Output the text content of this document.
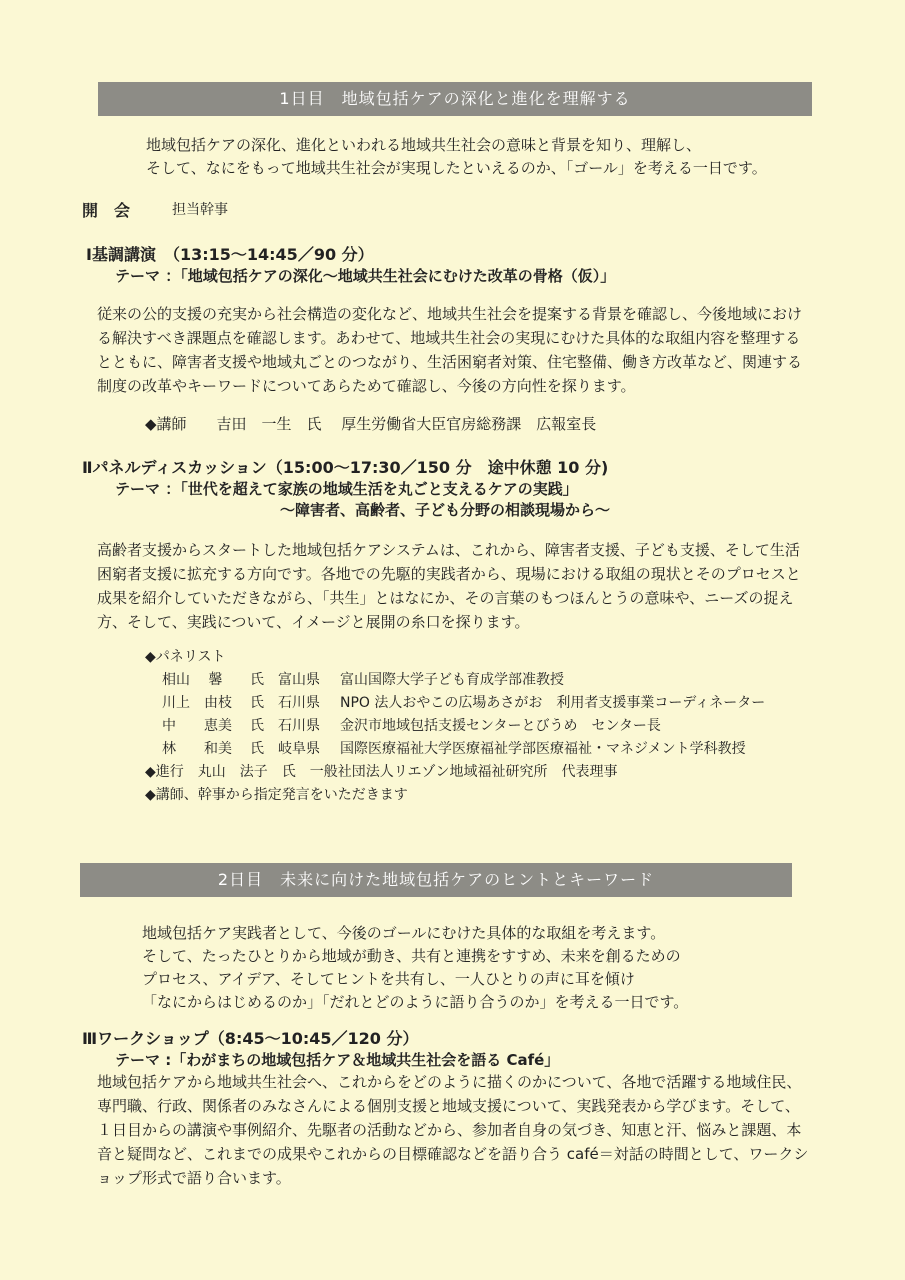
1日目　地域包括ケアの深化と進化を理解する
地域包括ケアの深化、進化といわれる地域共生社会の意味と背景を知り、理解し、
そして、なにをもって地域共生社会が実現したといえるのか、「ゴール」を考える一日です。
開　会	担当幹事
Ⅰ基調講演　（13:15～14:45／90 分）
テーマ ：「地域包括ケアの深化～地域共生社会にむけた改革の骨格（仮）」
従来の公的支援の充実から社会構造の変化など、地域共生社会を提案する背景を確認し、今後地域におけ
る解決すべき課題点を確認します。あわせて、地域共生社会の実現にむけた具体的な取組内容を整理する
とともに、障害者支援や地域丸ごとのつながり、生活困窮者対策、住宅整備、働き方改革など、関連する
制度の改革やキーワードについてあらためて確認し、今後の方向性を探ります。
◆講師　　吉田　一生　氏　 厚生労働省大臣官房総務課　広報室長
Ⅱパネルディスカッション（15:00～17:30／150 分　途中休憩 10 分)
テーマ ：「世代を超えて家族の地域生活を丸ごと支えるケアの実践」
～障害者、高齢者、子ども分野の相談現場から～
高齢者支援からスタートした地域包括ケアシステムは、これから、障害者支援、子ども支援、そして生活
困窮者支援に拡充する方向です。各地での先駆的実践者から、現場における取組の現状とそのプロセスと
成果を紹介していただきながら、「共生」とはなにか、その言葉のもつほんとうの意味や、ニーズの捉え
方、そして、実践について、イメージと展開の糸口を探ります。
◆パネリスト
相山　 馨 氏 富山県 富山国際大学子ども育成学部准教授
川上　由枝 氏 石川県 NPO 法人おやこの広場あさがお　利用者支援事業コーディネーター
中　　恵美 氏 石川県 金沢市地域包括支援センターとびうめ　センター長
林　　和美 氏 岐阜県 国際医療福祉大学医療福祉学部医療福祉・マネジメント学科教授
◆進行　丸山　法子　氏　一般社団法人リエゾン地域福祉研究所　代表理事
◆講師、幹事から指定発言をいただきます
2日目　未来に向けた地域包括ケアのヒントとキーワード
地域包括ケア実践者として、今後のゴールにむけた具体的な取組を考えます。
そして、たったひとりから地域が動き、共有と連携をすすめ、未来を創るための
プロセス、アイデア、そしてヒントを共有し、一人ひとりの声に耳を傾け
「なにからはじめるのか」「だれとどのように語り合うのか」を考える一日です。
Ⅲワークショップ（8:45～10:45／120 分）
テーマ :「わがまちの地域包括ケア＆地域共生社会を語る Café」
地域包括ケアから地域共生社会へ、これからをどのように描くのかについて、各地で活躍する地域住民、
専門職、行政、関係者のみなさんによる個別支援と地域支援について、実践発表から学びます。そして、
１日目からの講演や事例紹介、先駆者の活動などから、参加者自身の気づき、知恵と汗、悩みと課題、本
音と疑問など、これまでの成果やこれからの目標確認などを語り合う café＝対話の時間として、ワークシ
ョップ形式で語り合います。
